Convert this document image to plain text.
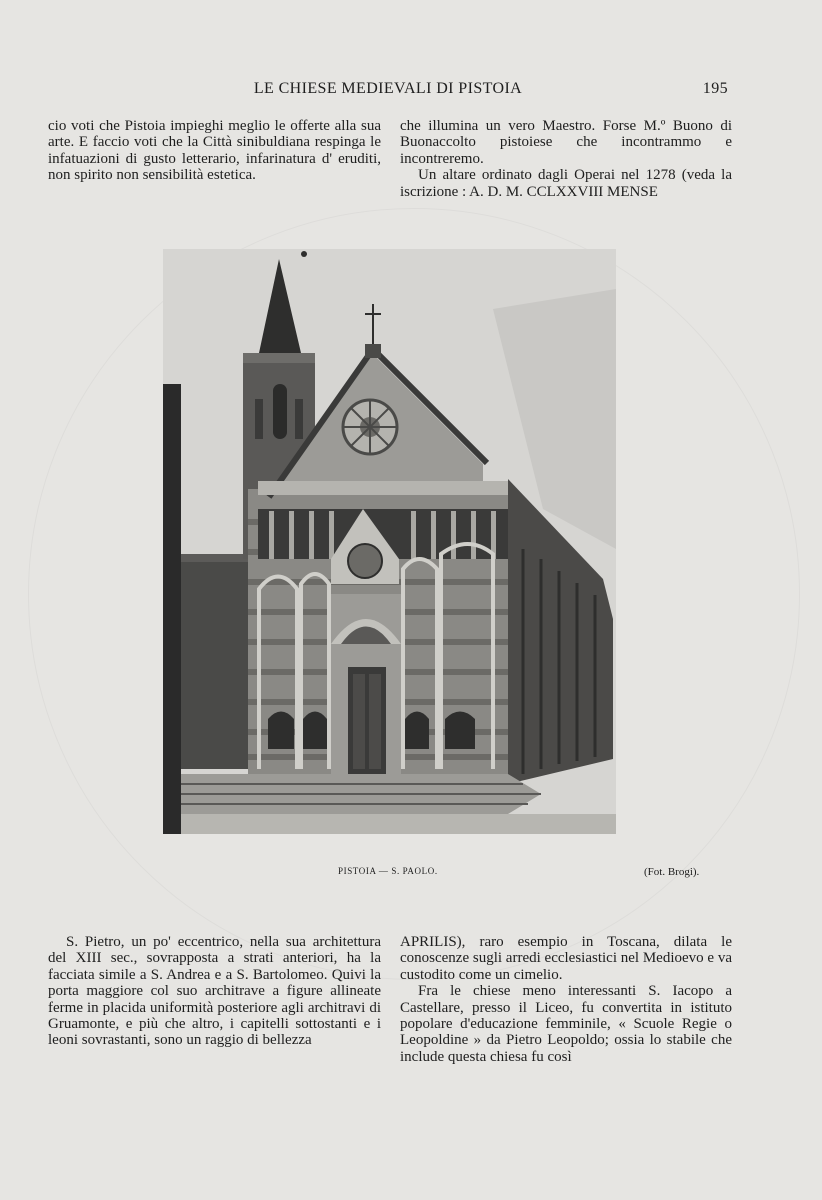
LE CHIESE MEDIEVALI DI PISTOIA	195

cio voti che Pistoia impieghi meglio le offerte alla sua arte. E faccio voti che la Città sinibuldiana respinga le infatuazioni di gusto letterario, infarinatura d' eruditi, non spirito non sensibilità estetica.

che illumina un vero Maestro. Forse M.º Buono di Buonaccolto pistoiese che incontrammo e incontreremo.

Un altare ordinato dagli Operai nel 1278 (veda la iscrizione : A. D. M. CCLXXVIII MENSE

PISTOIA — S. PAOLO.	(Fot. Brogi).

S. Pietro, un po' eccentrico, nella sua architettura del XIII sec., sovrapposta a strati anteriori, ha la facciata simile a S. Andrea e a S. Bartolomeo. Quivi la porta maggiore col suo architrave a figure allineate ferme in placida uniformità posteriore agli architravi di Gruamonte, e più che altro, i capitelli sottostanti e i leoni sovrastanti, sono un raggio di bellezza

APRILIS), raro esempio in Toscana, dilata le conoscenze sugli arredi ecclesiastici nel Medioevo e va custodito come un cimelio.

Fra le chiese meno interessanti S. Iacopo a Castellare, presso il Liceo, fu convertita in istituto popolare d'educazione femminile, « Scuole Regie o Leopoldine » da Pietro Leopoldo; ossia lo stabile che include questa chiesa fu così
